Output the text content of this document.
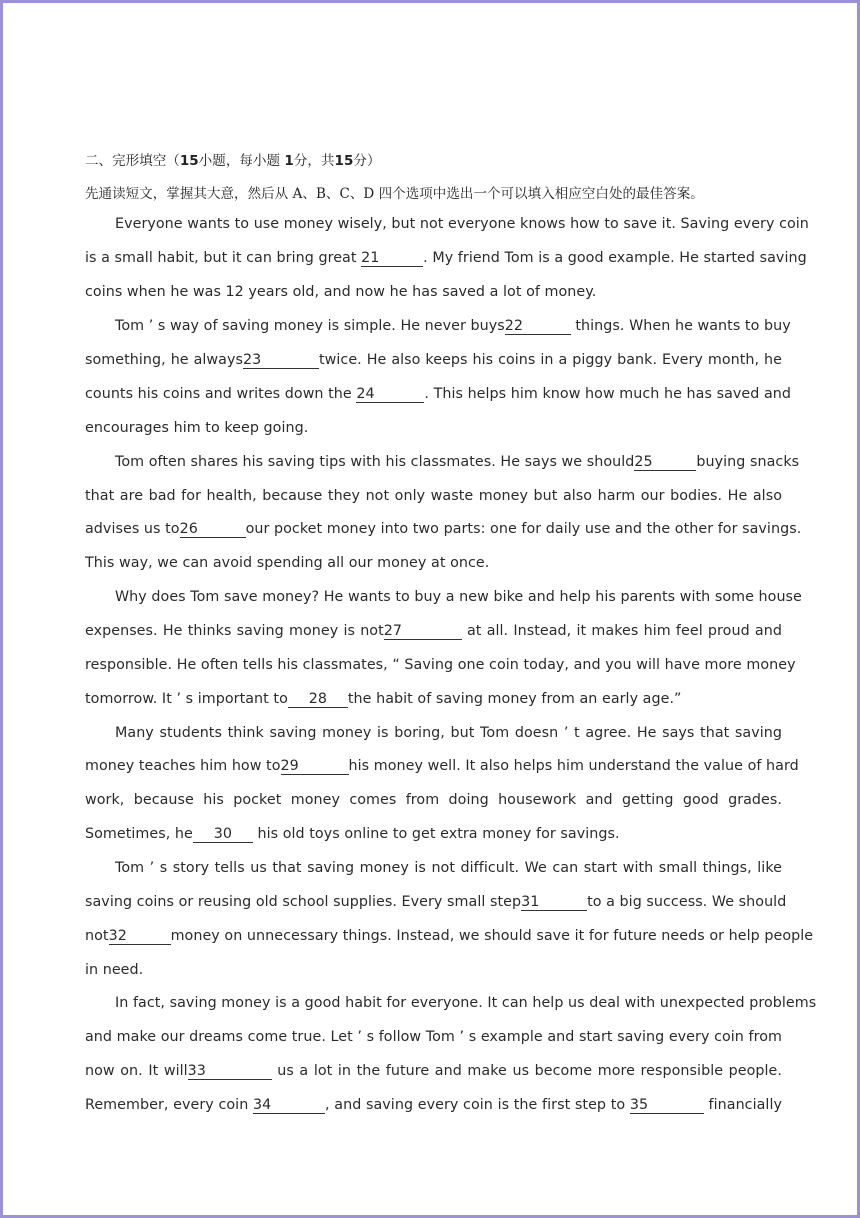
二、完形填空（15小题，每小题 1分，共15分）
先通读短文，掌握其大意，然后从 A、B、C、D 四个选项中选出一个可以填入相应空白处的最佳答案。
Everyone wants to use money wisely, but not everyone knows how to save it. Saving every coin
is a small habit, but it can bring great 21	. My friend Tom is a good example. He started saving
coins when he was 12 years old, and now he has saved a lot of money.
Tom ’ s way of saving money is simple. He never buys22	things. When he wants to buy
something, he always23	twice. He also keeps his coins in a piggy bank. Every month, he
counts his coins and writes down the 24	. This helps him know how much he has saved and
encourages him to keep going.
Tom often shares his saving tips with his classmates. He says we should25	buying snacks
that are bad for health, because they not only waste money but also harm our bodies. He also
advises us to26	our pocket money into two parts: one for daily use and the other for savings.
This way, we can avoid spending all our money at once.
Why does Tom save money? He wants to buy a new bike and help his parents with some house
expenses. He thinks saving money is not27	at all. Instead, it makes him feel proud and
responsible. He often tells his classmates, “ Saving one coin today, and you will have more money
tomorrow. It ’ s important to 28 the habit of saving money from an early age.”
Many students think saving money is boring, but Tom doesn ’ t agree. He says that saving
money teaches him how to29	his money well. It also helps him understand the value of hard
work, because his pocket money comes from doing housework and getting good grades.
Sometimes, he 30 his old toys online to get extra money for savings.
Tom ’ s story tells us that saving money is not difficult. We can start with small things, like
saving coins or reusing old school supplies. Every small step31	to a big success. We should
not32	money on unnecessary things. Instead, we should save it for future needs or help people
in need.
In fact, saving money is a good habit for everyone. It can help us deal with unexpected problems
and make our dreams come true. Let ’ s follow Tom ’ s example and start saving every coin from
now on. It will33	us a lot in the future and make us become more responsible people.
Remember, every coin 34	, and saving every coin is the first step to 35	financially
